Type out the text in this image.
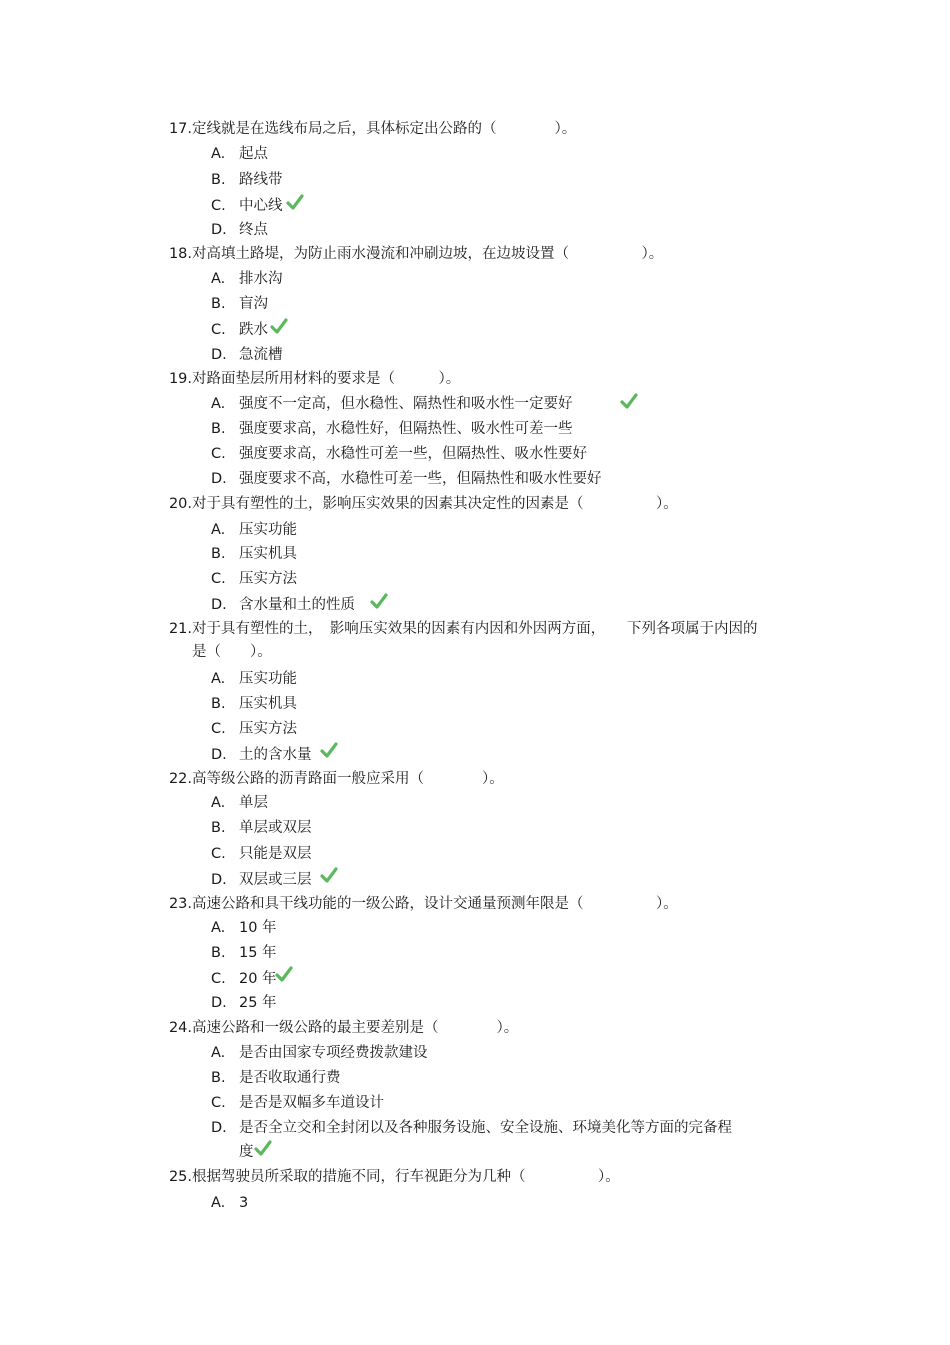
17. 定线就是在选线布局之后，具体标定出公路的（　　　　）。
A. 起点
B. 路线带
C. 中心线
D. 终点
18. 对高填土路堤，为防止雨水漫流和冲刷边坡，在边坡设置（　　　　　）。
A. 排水沟
B. 盲沟
C. 跌水
D. 急流槽
19. 对路面垫层所用材料的要求是（　　　）。
A. 强度不一定高，但水稳性、隔热性和吸水性一定要好
B. 强度要求高，水稳性好，但隔热性、吸水性可差一些
C. 强度要求高，水稳性可差一些，但隔热性、吸水性要好
D. 强度要求不高，水稳性可差一些，但隔热性和吸水性要好
20. 对于具有塑性的土，影响压实效果的因素其决定性的因素是（　　　　　）。
A. 压实功能
B. 压实机具
C. 压实方法
D. 含水量和土的性质
21. 对于具有塑性的土，　影响压实效果的因素有内因和外因两方面，　　下列各项属于内因的
是（　　）。
A. 压实功能
B. 压实机具
C. 压实方法
D. 土的含水量
22. 高等级公路的沥青路面一般应采用（　　　　）。
A. 单层
B. 单层或双层
C. 只能是双层
D. 双层或三层
23. 高速公路和具干线功能的一级公路，设计交通量预测年限是（　　　　　）。
A. 10 年
B. 15 年
C. 20 年
D. 25 年
24. 高速公路和一级公路的最主要差别是（　　　　）。
A. 是否由国家专项经费拨款建设
B. 是否收取通行费
C. 是否是双幅多车道设计
D. 是否全立交和全封闭以及各种服务设施、安全设施、环境美化等方面的完备程
度
25. 根据驾驶员所采取的措施不同，行车视距分为几种（　　　　　）。
A. 3
